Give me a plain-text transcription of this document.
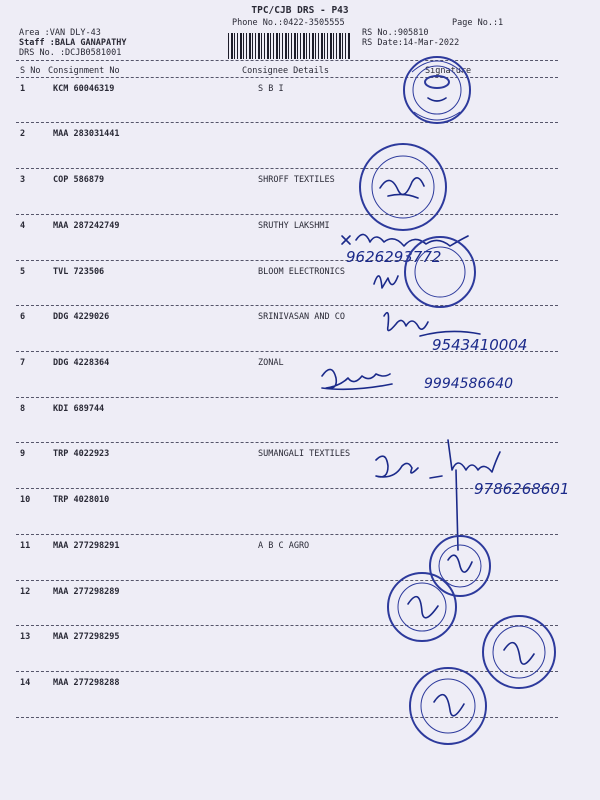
TPC/CJB DRS - P43
Phone No.:0422-3505555	Page No.:1
Area :VAN DLY-43
Staff :BALA GANAPATHY
DRS No. :DCJB0581001
RS No.:905810
RS Date:14-Mar-2022
S No Consignment No	Consignee Details	Signature
1	KCM 60046319	S B I
2	MAA 283031441
3	COP 586879	SHROFF TEXTILES
4	MAA 287242749	SRUTHY LAKSHMI
5	TVL 723506	BLOOM ELECTRONICS
6	DDG 4229026	SRINIVASAN AND CO
7	DDG 4228364	ZONAL
8	KDI 689744
9	TRP 4022923	SUMANGALI TEXTILES
10	TRP 4028010
11	MAA 277298291	A B C AGRO
12	MAA 277298289
13	MAA 277298295
14	MAA 277298288
9626293772
9543410004
9994586640
9786268601
